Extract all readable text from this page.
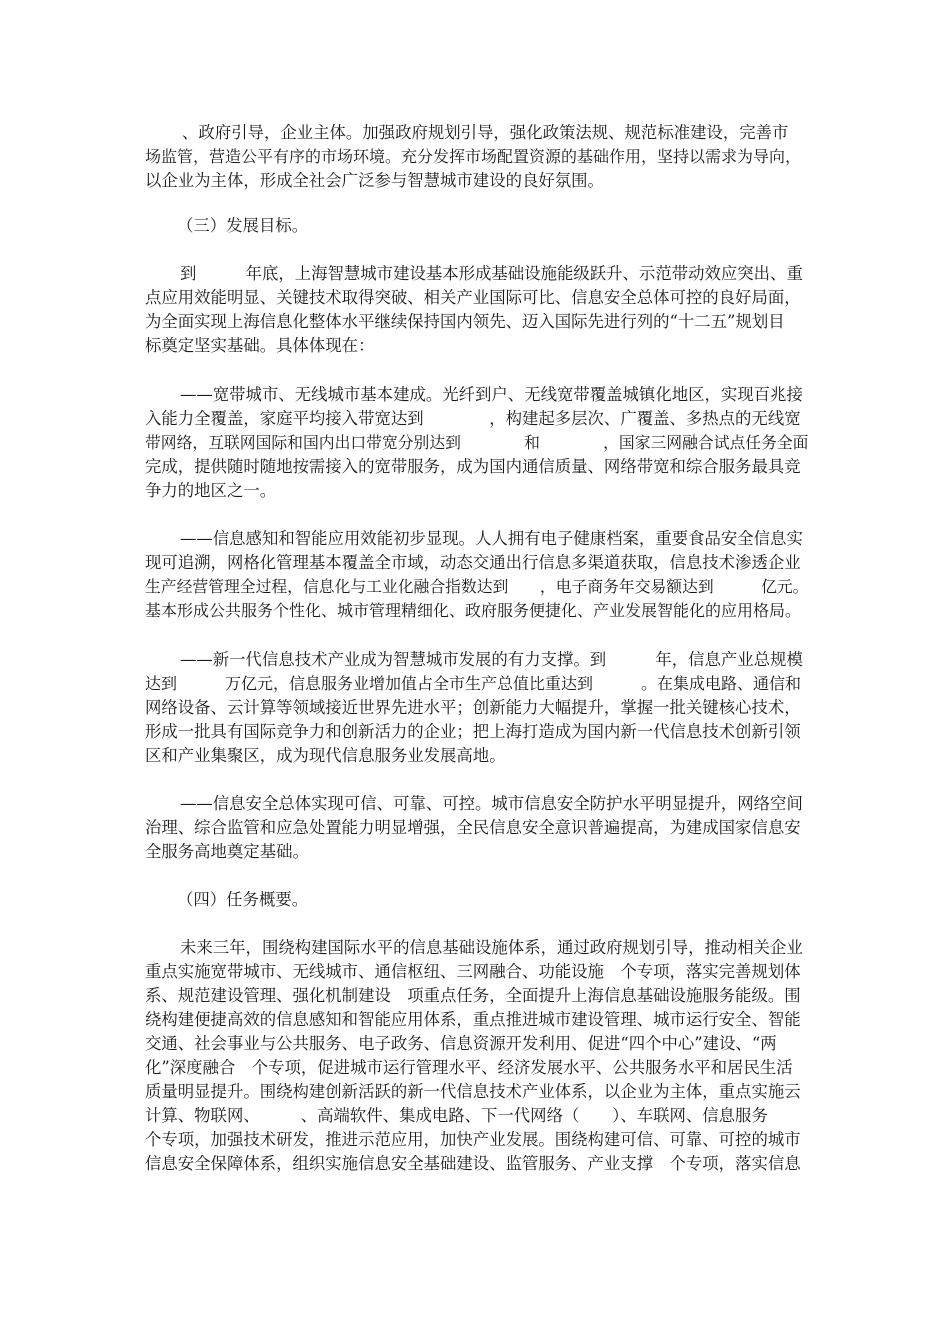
、政府引导，企业主体。加强政府规划引导，强化政策法规、规范标准建设，完善市
场监管，营造公平有序的市场环境。充分发挥市场配置资源的基础作用，坚持以需求为导向，
以企业为主体，形成全社会广泛参与智慧城市建设的良好氛围。
（三）发展目标。
到　　　年底，上海智慧城市建设基本形成基础设施能级跃升、示范带动效应突出、重
点应用效能明显、关键技术取得突破、相关产业国际可比、信息安全总体可控的良好局面，
为全面实现上海信息化整体水平继续保持国内领先、迈入国际先进行列的“十二五”规划目
标奠定坚实基础。具体体现在：
——宽带城市、无线城市基本建成。光纤到户、无线宽带覆盖城镇化地区，实现百兆接
入能力全覆盖，家庭平均接入带宽达到　　　　，构建起多层次、广覆盖、多热点的无线宽
带网络，互联网国际和国内出口带宽分别达到　　　　和　　　　，国家三网融合试点任务全面
完成，提供随时随地按需接入的宽带服务，成为国内通信质量、网络带宽和综合服务最具竞
争力的地区之一。
——信息感知和智能应用效能初步显现。人人拥有电子健康档案，重要食品安全信息实
现可追溯，网格化管理基本覆盖全市域，动态交通出行信息多渠道获取，信息技术渗透企业
生产经营管理全过程，信息化与工业化融合指数达到　　，电子商务年交易额达到　　　亿元。
基本形成公共服务个性化、城市管理精细化、政府服务便捷化、产业发展智能化的应用格局。
——新一代信息技术产业成为智慧城市发展的有力支撑。到　　　年，信息产业总规模
达到　　　万亿元，信息服务业增加值占全市生产总值比重达到　　　。在集成电路、通信和
网络设备、云计算等领域接近世界先进水平；创新能力大幅提升，掌握一批关键核心技术，
形成一批具有国际竞争力和创新活力的企业；把上海打造成为国内新一代信息技术创新引领
区和产业集聚区，成为现代信息服务业发展高地。
——信息安全总体实现可信、可靠、可控。城市信息安全防护水平明显提升，网络空间
治理、综合监管和应急处置能力明显增强，全民信息安全意识普遍提高，为建成国家信息安
全服务高地奠定基础。
（四）任务概要。
未来三年，围绕构建国际水平的信息基础设施体系，通过政府规划引导，推动相关企业
重点实施宽带城市、无线城市、通信枢纽、三网融合、功能设施　个专项，落实完善规划体
系、规范建设管理、强化机制建设　项重点任务，全面提升上海信息基础设施服务能级。围
绕构建便捷高效的信息感知和智能应用体系，重点推进城市建设管理、城市运行安全、智能
交通、社会事业与公共服务、电子政务、信息资源开发利用、促进“四个中心”建设、“两
化”深度融合　个专项，促进城市运行管理水平、经济发展水平、公共服务水平和居民生活
质量明显提升。围绕构建创新活跃的新一代信息技术产业体系，以企业为主体，重点实施云
计算、物联网、　　　、高端软件、集成电路、下一代网络（　　）、车联网、信息服务
个专项，加强技术研发，推进示范应用，加快产业发展。围绕构建可信、可靠、可控的城市
信息安全保障体系，组织实施信息安全基础建设、监管服务、产业支撑　个专项，落实信息
